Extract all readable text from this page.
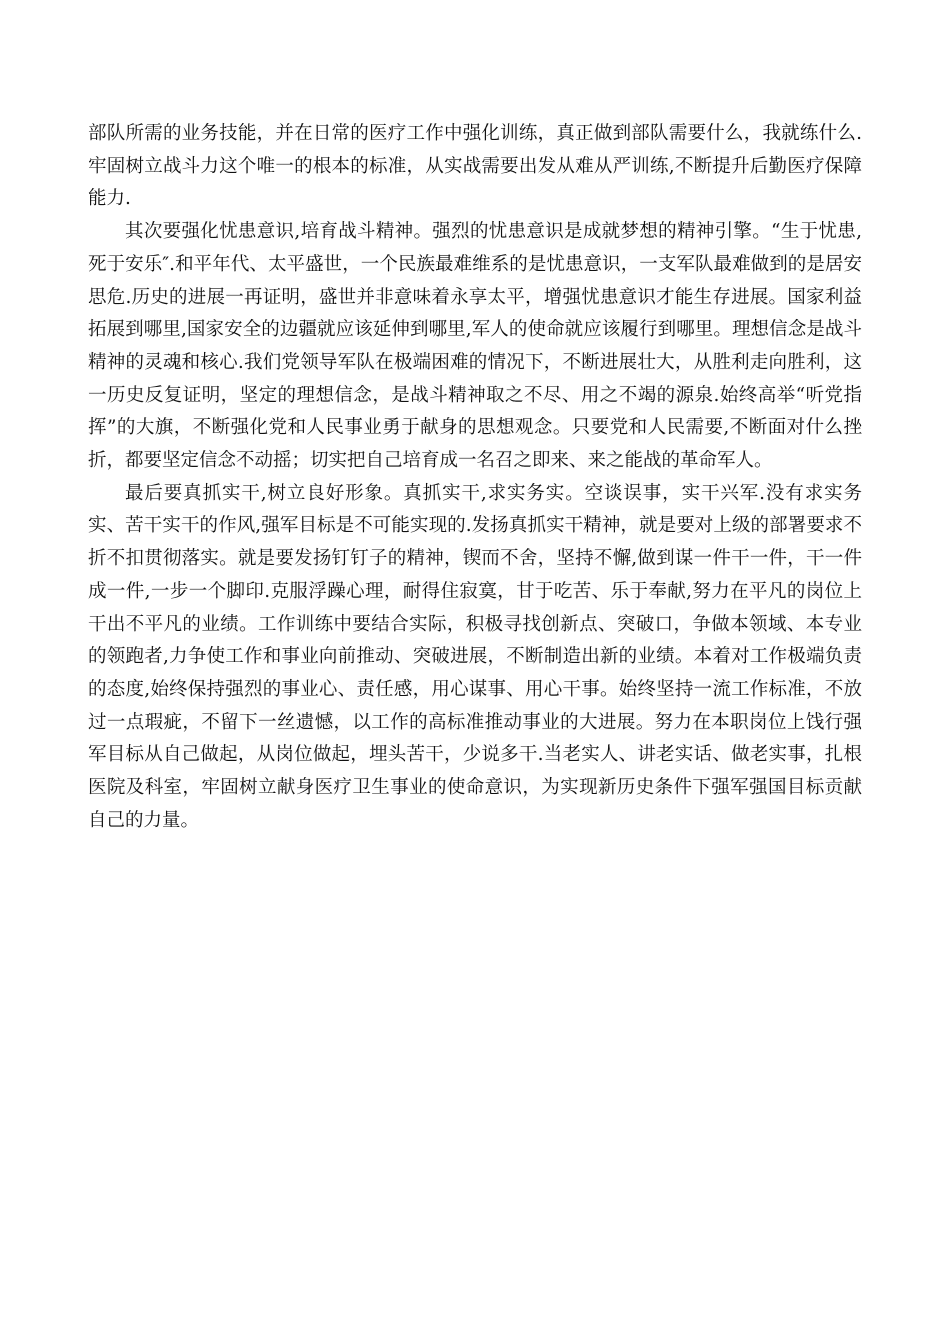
部队所需的业务技能，并在日常的医疗工作中强化训练，真正做到部队需要什么，我就练什么.牢固树立战斗力这个唯一的根本的标准，从实战需要出发从难从严训练,不断提升后勤医疗保障能力.

其次要强化忧患意识,培育战斗精神。强烈的忧患意识是成就梦想的精神引擎。“生于忧患,死于安乐″.和平年代、太平盛世，一个民族最难维系的是忧患意识，一支军队最难做到的是居安思危.历史的进展一再证明，盛世并非意味着永享太平，增强忧患意识才能生存进展。国家利益拓展到哪里,国家安全的边疆就应该延伸到哪里,军人的使命就应该履行到哪里。理想信念是战斗精神的灵魂和核心.我们党领导军队在极端困难的情况下，不断进展壮大，从胜利走向胜利，这一历史反复证明，坚定的理想信念，是战斗精神取之不尽、用之不竭的源泉.始终高举“听党指挥”的大旗，不断强化党和人民事业勇于献身的思想观念。只要党和人民需要,不断面对什么挫折，都要坚定信念不动摇；切实把自己培育成一名召之即来、来之能战的革命军人。

最后要真抓实干,树立良好形象。真抓实干,求实务实。空谈误事，实干兴军.没有求实务实、苦干实干的作风,强军目标是不可能实现的.发扬真抓实干精神，就是要对上级的部署要求不折不扣贯彻落实。就是要发扬钉钉子的精神，锲而不舍，坚持不懈,做到谋一件干一件，干一件成一件,一步一个脚印.克服浮躁心理，耐得住寂寞，甘于吃苦、乐于奉献,努力在平凡的岗位上干出不平凡的业绩。工作训练中要结合实际，积极寻找创新点、突破口，争做本领域、本专业的领跑者,力争使工作和事业向前推动、突破进展，不断制造出新的业绩。本着对工作极端负责的态度,始终保持强烈的事业心、责任感，用心谋事、用心干事。始终坚持一流工作标准，不放过一点瑕疵，不留下一丝遗憾，以工作的高标准推动事业的大进展。努力在本职岗位上饯行强军目标从自己做起，从岗位做起，埋头苦干，少说多干.当老实人、讲老实话、做老实事，扎根医院及科室，牢固树立献身医疗卫生事业的使命意识，为实现新历史条件下强军强国目标贡献自己的力量。
